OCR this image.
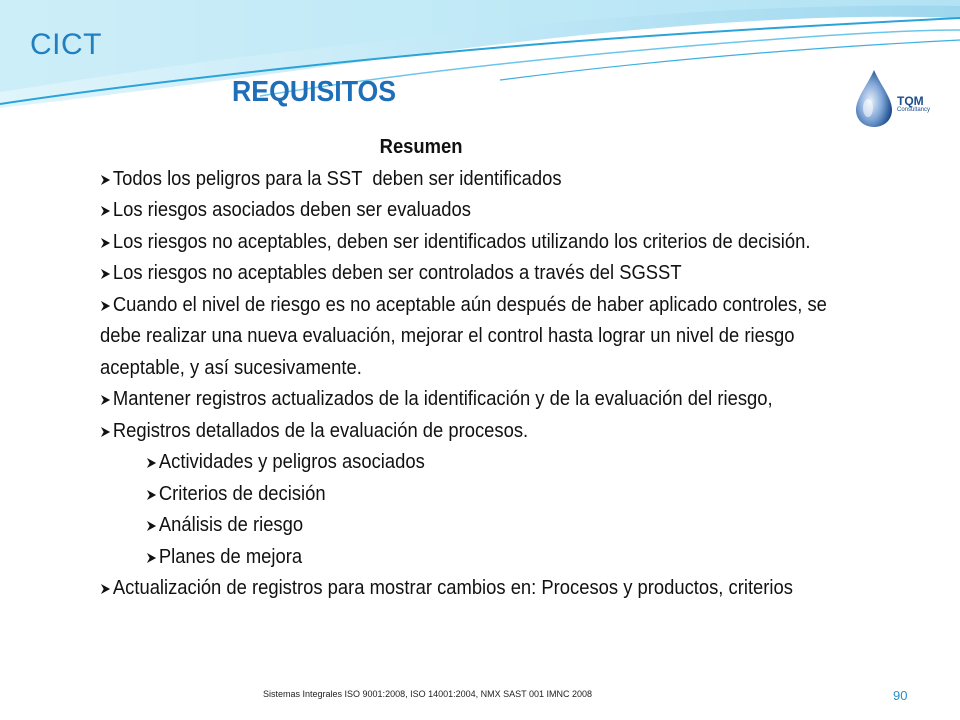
CICT
REQUISITOS	TQM
Consultancy
Resumen
Todos los peligros para la SST  deben ser identificados
Los riesgos asociados deben ser evaluados
Los riesgos no aceptables, deben ser identificados utilizando los criterios de decisión.
Los riesgos no aceptables deben ser controlados a través del SGSST
Cuando el nivel de riesgo es no aceptable aún después de haber aplicado controles, se    debe realizar una nueva evaluación, mejorar el control hasta lograr un nivel de riesgo    aceptable, y así sucesivamente.
Mantener registros actualizados de la identificación y de la evaluación del riesgo,
Registros detallados de la evaluación de procesos.
Actividades y peligros asociados
Criterios de decisión
Análisis de riesgo
Planes de mejora
Actualización de registros para mostrar cambios en: Procesos y productos, criterios
Sistemas Integrales ISO 9001:2008, ISO 14001:2004, NMX SAST 001 IMNC 2008	90
